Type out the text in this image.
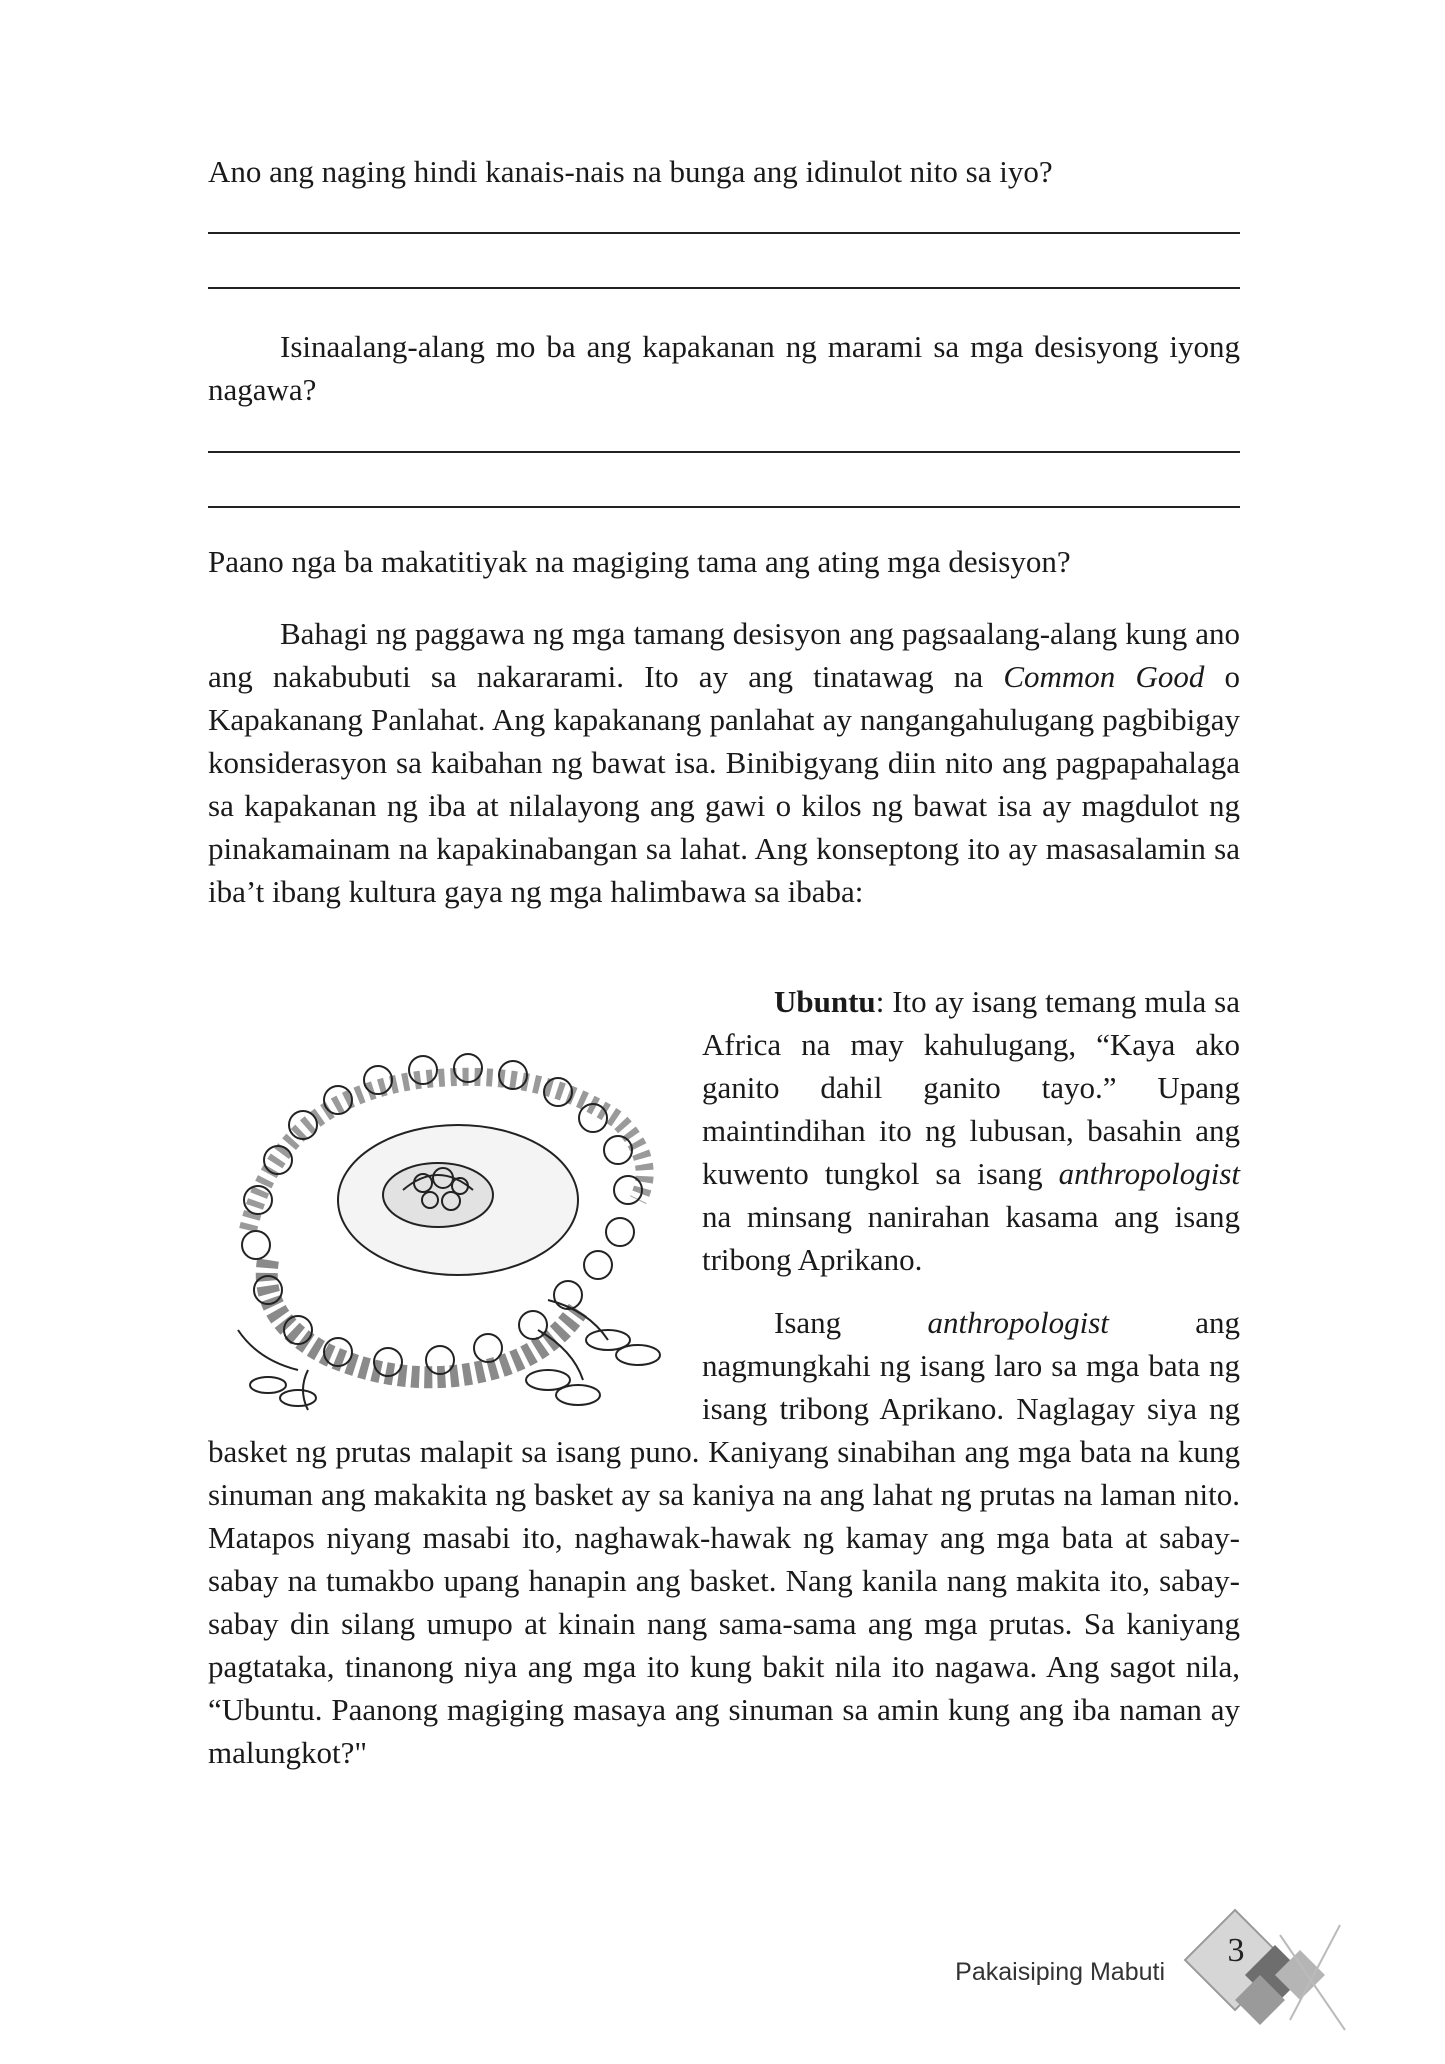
Ano ang naging hindi kanais-nais na bunga ang idinulot nito sa iyo?

Isinaalang-alang mo ba ang kapakanan ng marami sa mga desisyong iyong nagawa?

Paano nga ba makatitiyak na magiging tama ang ating mga desisyon?

Bahagi ng paggawa ng mga tamang desisyon ang pagsaalang-alang kung ano ang nakabubuti sa nakararami. Ito ay ang tinatawag na Common Good o Kapakanang Panlahat. Ang kapakanang panlahat ay nangangahulugang pagbibigay konsiderasyon sa kaibahan ng bawat isa. Binibigyang diin nito ang pagpapahalaga sa kapakanan ng iba at nilalayong ang gawi o kilos ng bawat isa ay magdulot ng pinakamainam na kapakinabangan sa lahat. Ang konseptong ito ay masasalamin sa iba’t ibang kultura gaya ng mga halimbawa sa ibaba:

Ubuntu: Ito ay isang temang mula sa Africa na may kahulugang, “Kaya ako ganito dahil ganito tayo.” Upang maintindihan ito ng lubusan, basahin ang kuwento tungkol sa isang anthropologist na minsang nanirahan kasama ang isang tribong Aprikano.

Isang anthropologist ang nagmungkahi ng isang laro sa mga bata ng isang tribong Aprikano. Naglagay siya ng basket ng prutas malapit sa isang puno. Kaniyang sinabihan ang mga bata na kung sinuman ang makakita ng basket ay sa kaniya na ang lahat ng prutas na laman nito. Matapos niyang masabi ito, naghawak-hawak ng kamay ang mga bata at sabay-sabay na tumakbo upang hanapin ang basket. Nang kanila nang makita ito, sabay-sabay din silang umupo at kinain nang sama-sama ang mga prutas. Sa kaniyang pagtataka, tinanong niya ang mga ito kung bakit nila ito nagawa. Ang sagot nila, “Ubuntu. Paanong magiging masaya ang sinuman sa amin kung ang iba naman ay malungkot?"

Pakaisiping Mabuti
3
